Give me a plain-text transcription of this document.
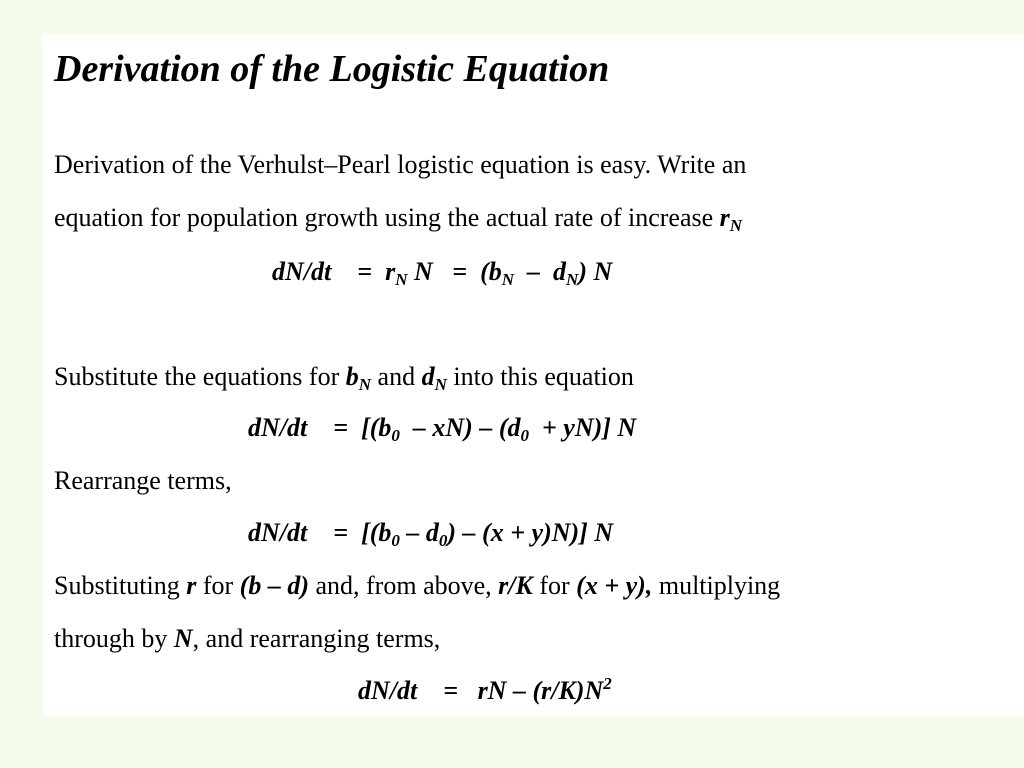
Derivation of the Logistic Equation
Derivation of the Verhulst–Pearl logistic equation is easy. Write an
equation for population growth using the actual rate of increase $r_N$
$dN/dt = r_N$ $N = (b_N - d_N)$ N
Substitute the equations for $b_N$ and $d_N$ into this equation
$dN/dt = [(b_0 - xN) - (d_0 + yN)]$ N
Rearrange terms,
$dN/dt = [(b_0 - d_0) - (x + y)N)$] N
Substituting r for (b – d) and, from above, r/K for (x + y), multiplying
through by N, and rearranging terms,
dN/dt = rN – $(r/K)N^2$
